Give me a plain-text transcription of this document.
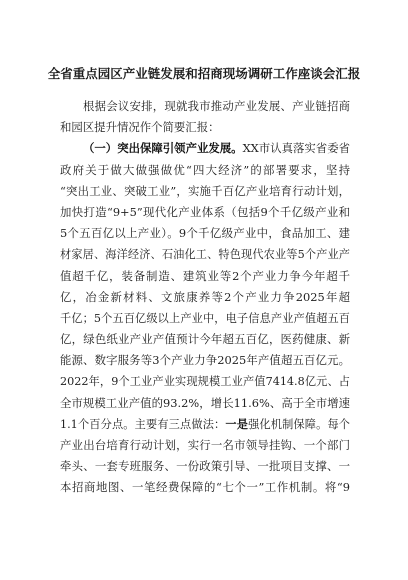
全省重点园区产业链发展和招商现场调研工作座谈会汇报
根据会议安排，现就我市推动产业发展、产业链招商
和园区提升情况作个简要汇报：
（一）突出保障引领产业发展。XX市认真落实省委省
政府关于做大做强做优“四大经济”的部署要求，坚持
“突出工业、突破工业”，实施千百亿产业培育行动计划，
加快打造“9+5”现代化产业体系（包括9个千亿级产业和
5个五百亿以上产业）。9个千亿级产业中，食品加工、建
材家居、海洋经济、石油化工、特色现代农业等5个产业产
值超千亿，装备制造、建筑业等2个产业力争今年超千
亿，冶金新材料、文旅康养等2个产业力争2025年超
千亿；5个五百亿级以上产业中，电子信息产业产值超五百
亿，绿色纸业产业产值预计今年超五百亿，医药健康、新
能源、数字服务等3个产业力争2025年产值超五百亿元。
2022年，9个工业产业实现规模工业产值7414.8亿元、占
全市规模工业产值的93.2%，增长11.6%、高于全市增速
1.1个百分点。主要有三点做法：一是强化机制保障。每个
产业出台培育行动计划，实行一名市领导挂钩、一个部门
牵头、一套专班服务、一份政策引导、一批项目支撑、一
本招商地图、一笔经费保障的“七个一”工作机制。将“9
